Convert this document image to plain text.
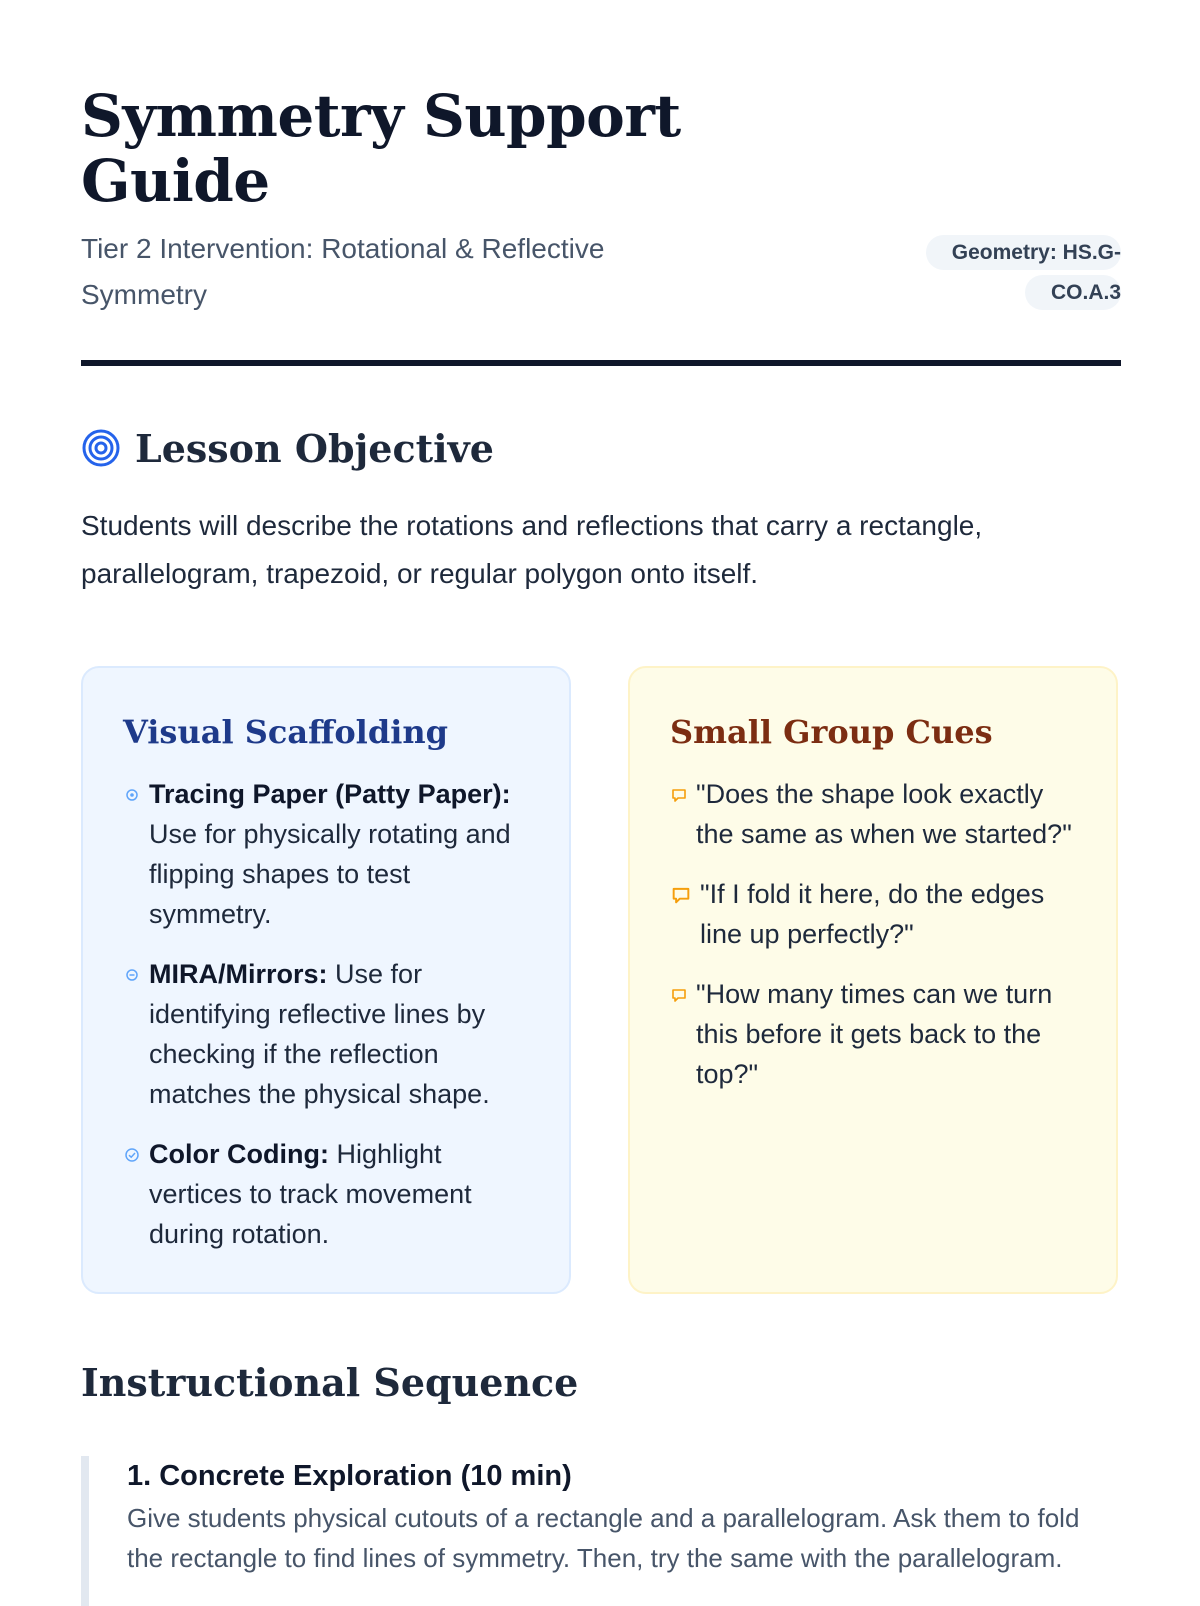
Symmetry Support Guide

Tier 2 Intervention: Rotational & Reflective Symmetry

Geometry: HS.G-CO.A.3
Lesson Objective

Students will describe the rotations and reflections that carry a rectangle, parallelogram, trapezoid, or regular polygon onto itself.

Visual Scaffolding
Tracing Paper (Patty Paper): Use for physically rotating and flipping shapes to test symmetry.
MIRA/Mirrors: Use for identifying reflective lines by checking if the reflection matches the physical shape.
Color Coding: Highlight vertices to track movement during rotation.
Small Group Cues
"Does the shape look exactly the same as when we started?"
"If I fold it here, do the edges line up perfectly?"
"How many times can we turn this before it gets back to the top?"
Instructional Sequence

1. Concrete Exploration (10 min)

Give students physical cutouts of a rectangle and a parallelogram. Ask them to fold the rectangle to find lines of symmetry. Then, try the same with the parallelogram.
